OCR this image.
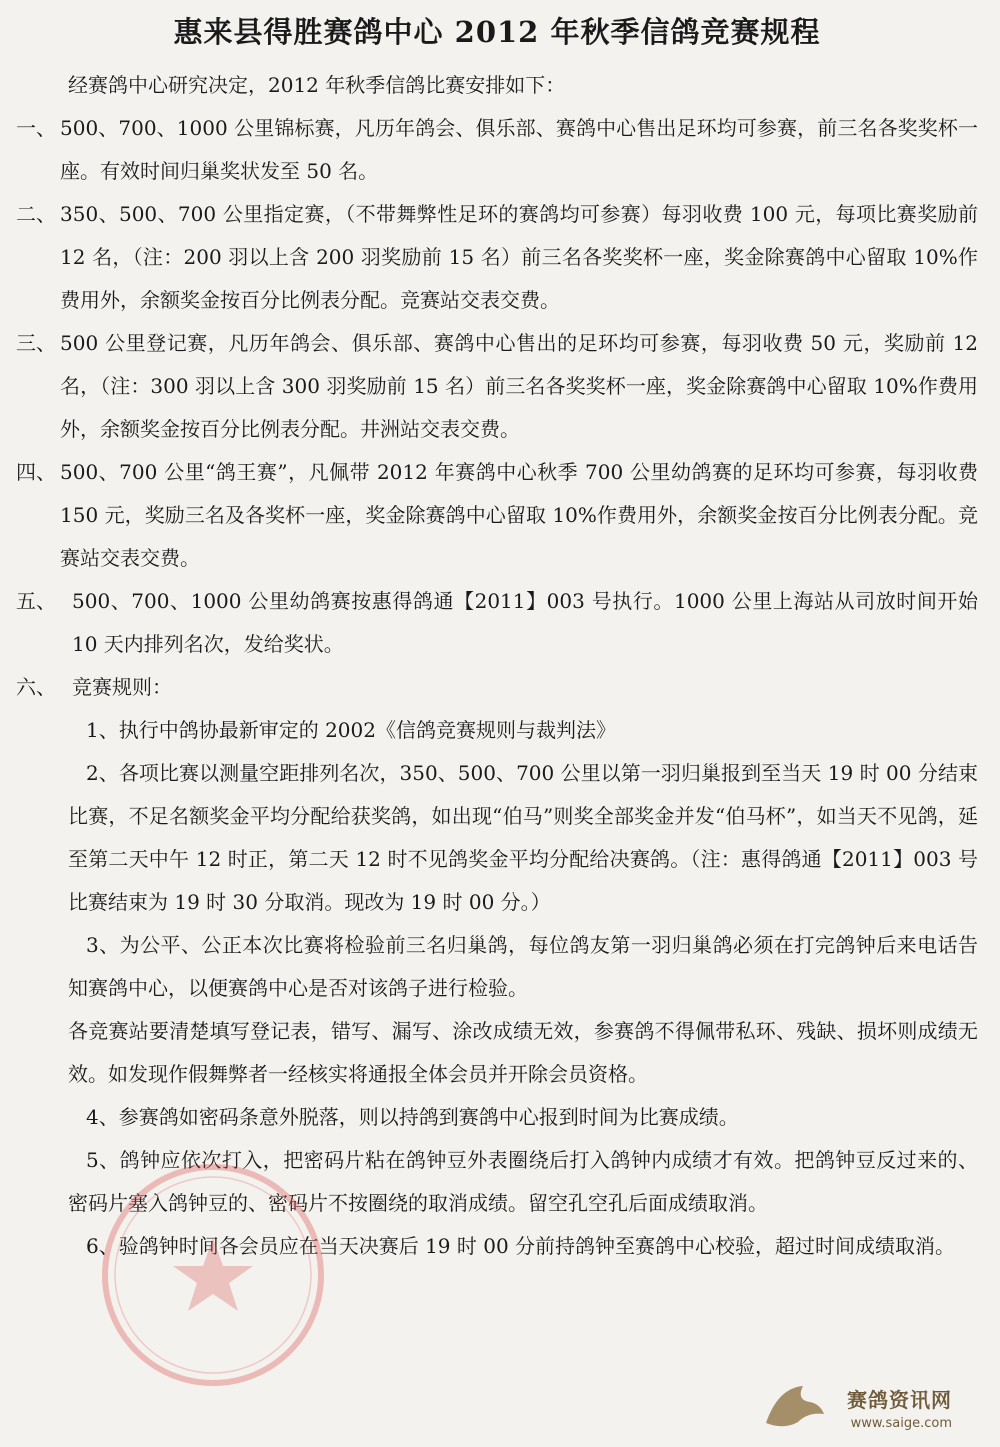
惠来县得胜赛鸽中心 2012 年秋季信鸽竞赛规程

经赛鸽中心研究决定，2012 年秋季信鸽比赛安排如下：

一、 500、700、1000 公里锦标赛，凡历年鸽会、俱乐部、赛鸽中心售出足环均可参赛，前三名各奖奖杯一座。有效时间归巢奖状发至 50 名。

二、 350、500、700 公里指定赛，（不带舞弊性足环的赛鸽均可参赛）每羽收费 100 元，每项比赛奖励前 12 名，（注：200 羽以上含 200 羽奖励前 15 名）前三名各奖奖杯一座，奖金除赛鸽中心留取 10%作费用外，余额奖金按百分比例表分配。竞赛站交表交费。

三、 500 公里登记赛，凡历年鸽会、俱乐部、赛鸽中心售出的足环均可参赛，每羽收费 50 元，奖励前 12 名，（注：300 羽以上含 300 羽奖励前 15 名）前三名各奖奖杯一座，奖金除赛鸽中心留取 10%作费用外，余额奖金按百分比例表分配。井洲站交表交费。

四、 500、700 公里“鸽王赛”，凡佩带 2012 年赛鸽中心秋季 700 公里幼鸽赛的足环均可参赛，每羽收费 150 元，奖励三名及各奖杯一座，奖金除赛鸽中心留取 10%作费用外，余额奖金按百分比例表分配。竞赛站交表交费。

五、 500、700、1000 公里幼鸽赛按惠得鸽通【2011】003 号执行。1000 公里上海站从司放时间开始 10 天内排列名次，发给奖状。

六、 竞赛规则：

1、执行中鸽协最新审定的 2002《信鸽竞赛规则与裁判法》

2、各项比赛以测量空距排列名次，350、500、700 公里以第一羽归巢报到至当天 19 时 00 分结束比赛，不足名额奖金平均分配给获奖鸽，如出现“伯马”则奖全部奖金并发“伯马杯”，如当天不见鸽，延至第二天中午 12 时正，第二天 12 时不见鸽奖金平均分配给决赛鸽。（注：惠得鸽通【2011】003 号比赛结束为 19 时 30 分取消。现改为 19 时 00 分。）

3、为公平、公正本次比赛将检验前三名归巢鸽，每位鸽友第一羽归巢鸽必须在打完鸽钟后来电话告知赛鸽中心，以便赛鸽中心是否对该鸽子进行检验。

各竞赛站要清楚填写登记表，错写、漏写、涂改成绩无效，参赛鸽不得佩带私环、残缺、损坏则成绩无效。如发现作假舞弊者一经核实将通报全体会员并开除会员资格。

4、参赛鸽如密码条意外脱落，则以持鸽到赛鸽中心报到时间为比赛成绩。

5、鸽钟应依次打入，把密码片粘在鸽钟豆外表圈绕后打入鸽钟内成绩才有效。把鸽钟豆反过来的、密码片塞入鸽钟豆的、密码片不按圈绕的取消成绩。留空孔空孔后面成绩取消。

6、验鸽钟时间各会员应在当天决赛后 19 时 00 分前持鸽钟至赛鸽中心校验，超过时间成绩取消。

赛鸽资讯网
www.saige.com
